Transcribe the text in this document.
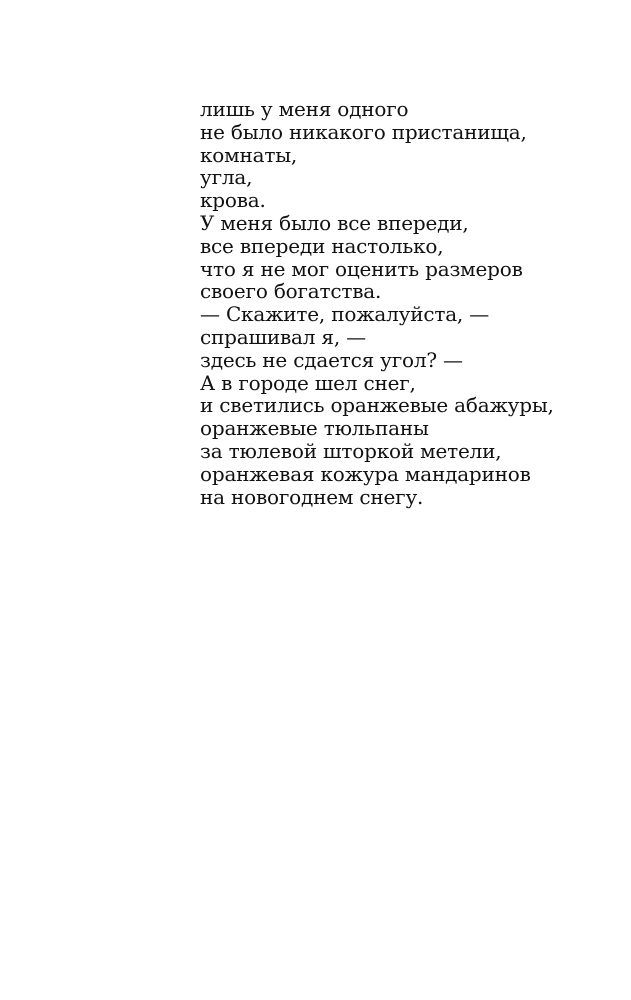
лишь у меня одного
не было никакого пристанища,
комнаты,
угла,
крова.
У меня было все впереди,
все впереди настолько,
что я не мог оценить размеров
своего богатства.
— Скажите, пожалуйста, —
спрашивал я, —
здесь не сдается угол? —
А в городе шел снег,
и светились оранжевые абажуры,
оранжевые тюльпаны
за тюлевой шторкой метели,
оранжевая кожура мандаринов
на новогоднем снегу.
